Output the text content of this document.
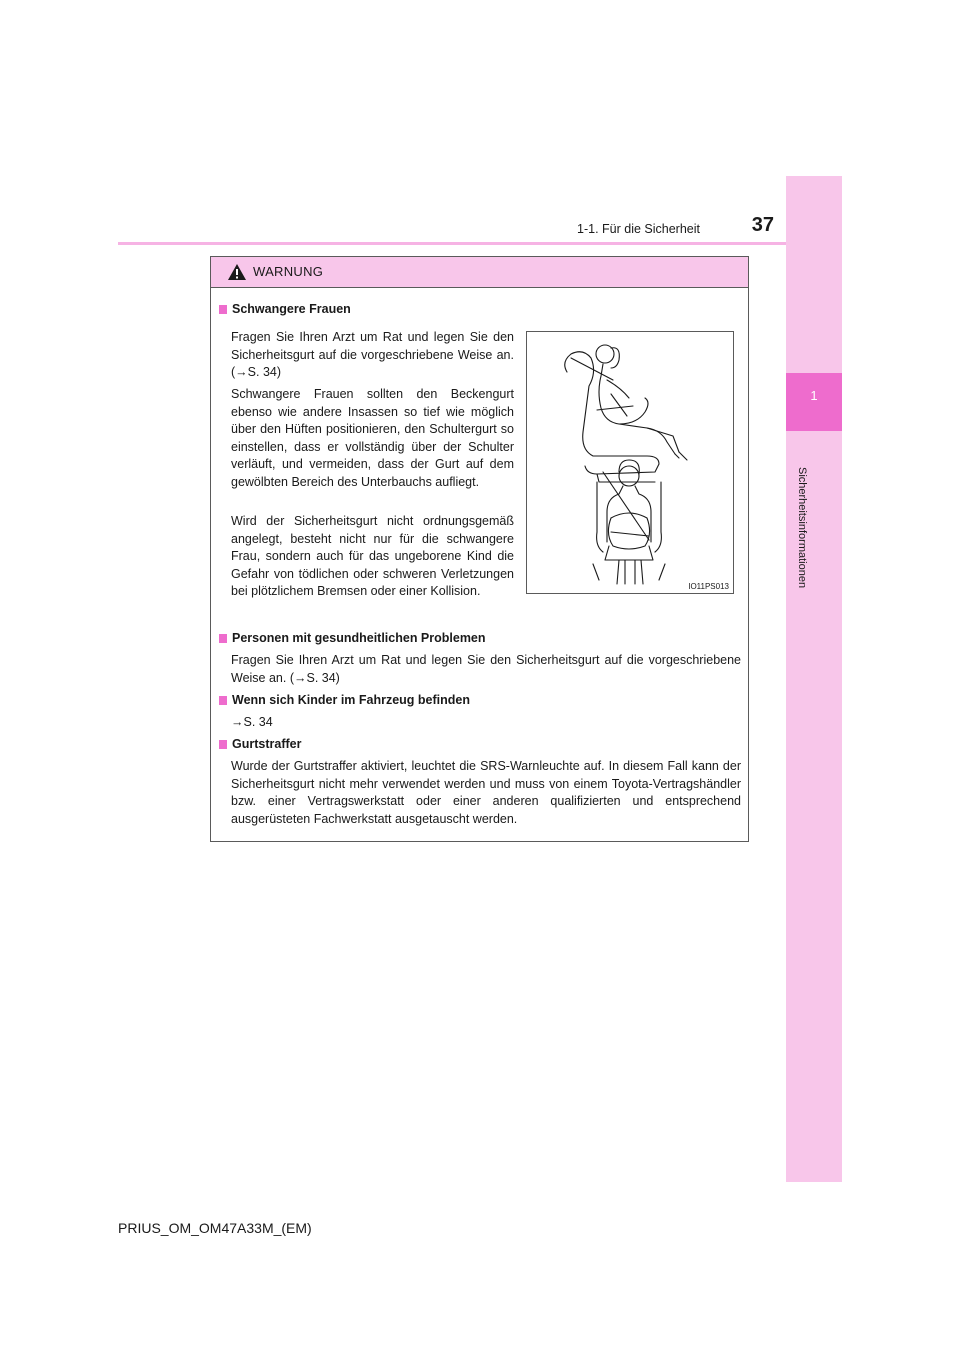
1
Sicherheitsinformationen
1-1. Für die Sicherheit	37
WARNUNG
Schwangere Frauen

Fragen Sie Ihren Arzt um Rat und legen Sie den Sicherheitsgurt auf die vorgeschriebene Weise an. (→S. 34)

Schwangere Frauen sollten den Beckengurt ebenso wie andere Insassen so tief wie möglich über den Hüften positionieren, den Schultergurt so einstellen, dass er vollständig über der Schulter verläuft, und vermeiden, dass der Gurt auf dem gewölbten Bereich des Unterbauchs aufliegt.

Wird der Sicherheitsgurt nicht ordnungsgemäß angelegt, besteht nicht nur für die schwangere Frau, sondern auch für das ungeborene Kind die Gefahr von tödlichen oder schweren Verletzungen bei plötzlichem Bremsen oder einer Kollision.	IO11PS013
Personen mit gesundheitlichen Problemen

Fragen Sie Ihren Arzt um Rat und legen Sie den Sicherheitsgurt auf die vorgeschriebene Weise an. (→S. 34)

Wenn sich Kinder im Fahrzeug befinden

→S. 34

Gurtstraffer

Wurde der Gurtstraffer aktiviert, leuchtet die SRS-Warnleuchte auf. In diesem Fall kann der Sicherheitsgurt nicht mehr verwendet werden und muss von einem Toyota-Vertragshändler bzw. einer Vertragswerkstatt oder einer anderen qualifizierten und entsprechend ausgerüsteten Fachwerkstatt ausgetauscht werden.

PRIUS_OM_OM47A33M_(EM)
